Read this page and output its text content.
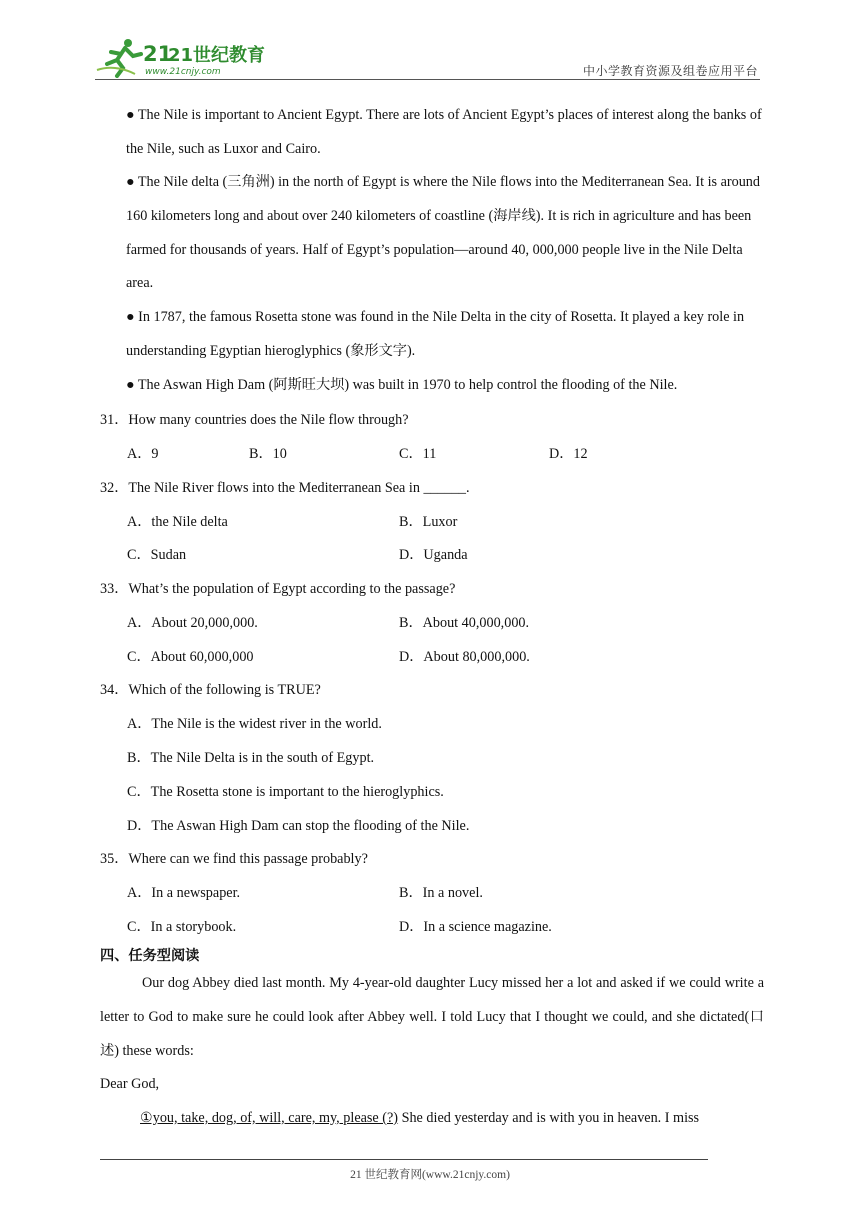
21
21世纪教育
www.21cnjy.com	中小学教育资源及组卷应用平台
● The Nile is important to Ancient Egypt. There are lots of Ancient Egypt’s places of interest along the banks of the Nile, such as Luxor and Cairo.
● The Nile delta (三角洲) in the north of Egypt is where the Nile flows into the Mediterranean Sea. It is around 160 kilometers long and about over 240 kilometers of coastline (海岸线). It is rich in agriculture and has been farmed for thousands of years. Half of Egypt’s population—around 40, 000,000 people live in the Nile Delta area.
● In 1787, the famous Rosetta stone was found in the Nile Delta in the city of Rosetta. It played a key role in understanding Egyptian hieroglyphics (象形文字).
● The Aswan High Dam (阿斯旺大坝) was built in 1970 to help control the flooding of the Nile.
31．How many countries does the Nile flow through?
A．9	B．10	C．11	D．12
32．The Nile River flows into the Mediterranean Sea in ______.
A．the Nile delta	B．Luxor
C．Sudan	D．Uganda
33．What’s the population of Egypt according to the passage?
A．About 20,000,000.	B．About 40,000,000.
C．About 60,000,000	D．About 80,000,000.
34．Which of the following is TRUE?
A．The Nile is the widest river in the world.
B．The Nile Delta is in the south of Egypt.
C．The Rosetta stone is important to the hieroglyphics.
D．The Aswan High Dam can stop the flooding of the Nile.
35．Where can we find this passage probably?
A．In a newspaper.	B．In a novel.
C．In a storybook.	D．In a science magazine.
四、任务型阅读
Our dog Abbey died last month. My 4-year-old daughter Lucy missed her a lot and asked if we could write a letter to God to make sure he could look after Abbey well. I told Lucy that I thought we could, and she dictated(口述) these words:
Dear God,
①you, take, dog, of, will, care, my, please (?) She died yesterday and is with you in heaven. I miss
21 世纪教育网(www.21cnjy.com)
